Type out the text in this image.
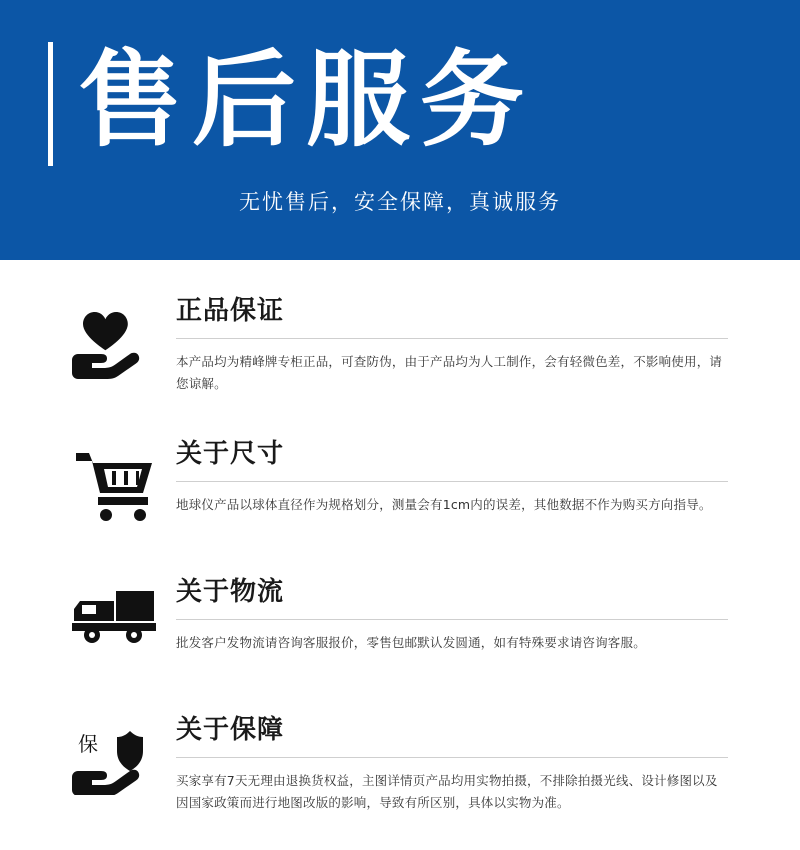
售后服务
无忧售后，安全保障，真诚服务
正品保证
本产品均为精峰牌专柜正品，可查防伪，由于产品均为人工制作，会有轻微色差，不影响使用，请您谅解。
关于尺寸
地球仪产品以球体直径作为规格划分，测量会有1cm内的误差，其他数据不作为购买方向指导。
关于物流
批发客户发物流请咨询客服报价，零售包邮默认发圆通，如有特殊要求请咨询客服。
保	关于保障
买家享有7天无理由退换货权益，主图详情页产品均用实物拍摄，不排除拍摄光线、设计修图以及因国家政策而进行地图改版的影响，导致有所区别，具体以实物为准。
